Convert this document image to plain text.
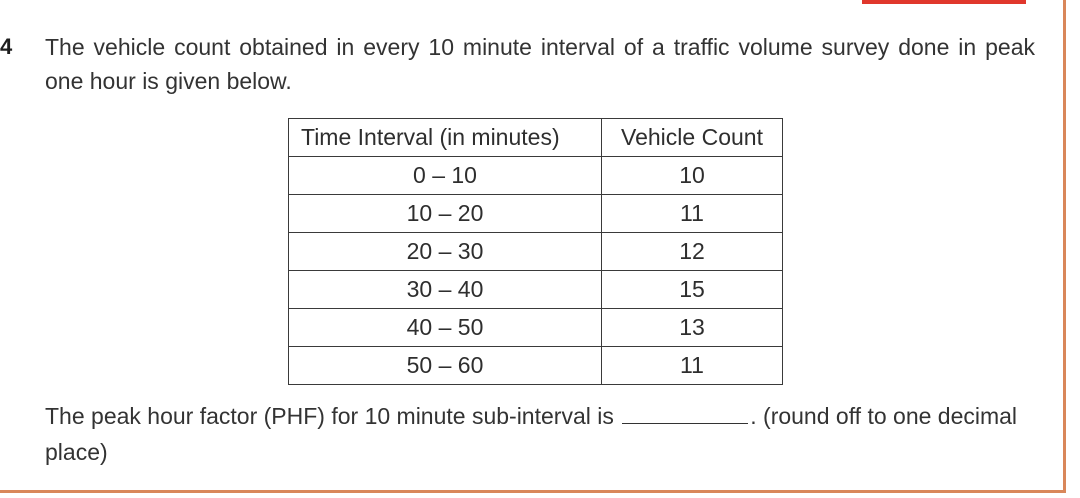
4 The vehicle count obtained in every 10 minute interval of a traffic volume survey done in peak one hour is given below.
Time Interval (in minutes)	Vehicle Count
0 – 10	10
10 – 20	11
20 – 30	12
30 – 40	15
40 – 50	13
50 – 60	11
The peak hour factor (PHF) for 10 minute sub-interval is	. (round off to one decimal place)
